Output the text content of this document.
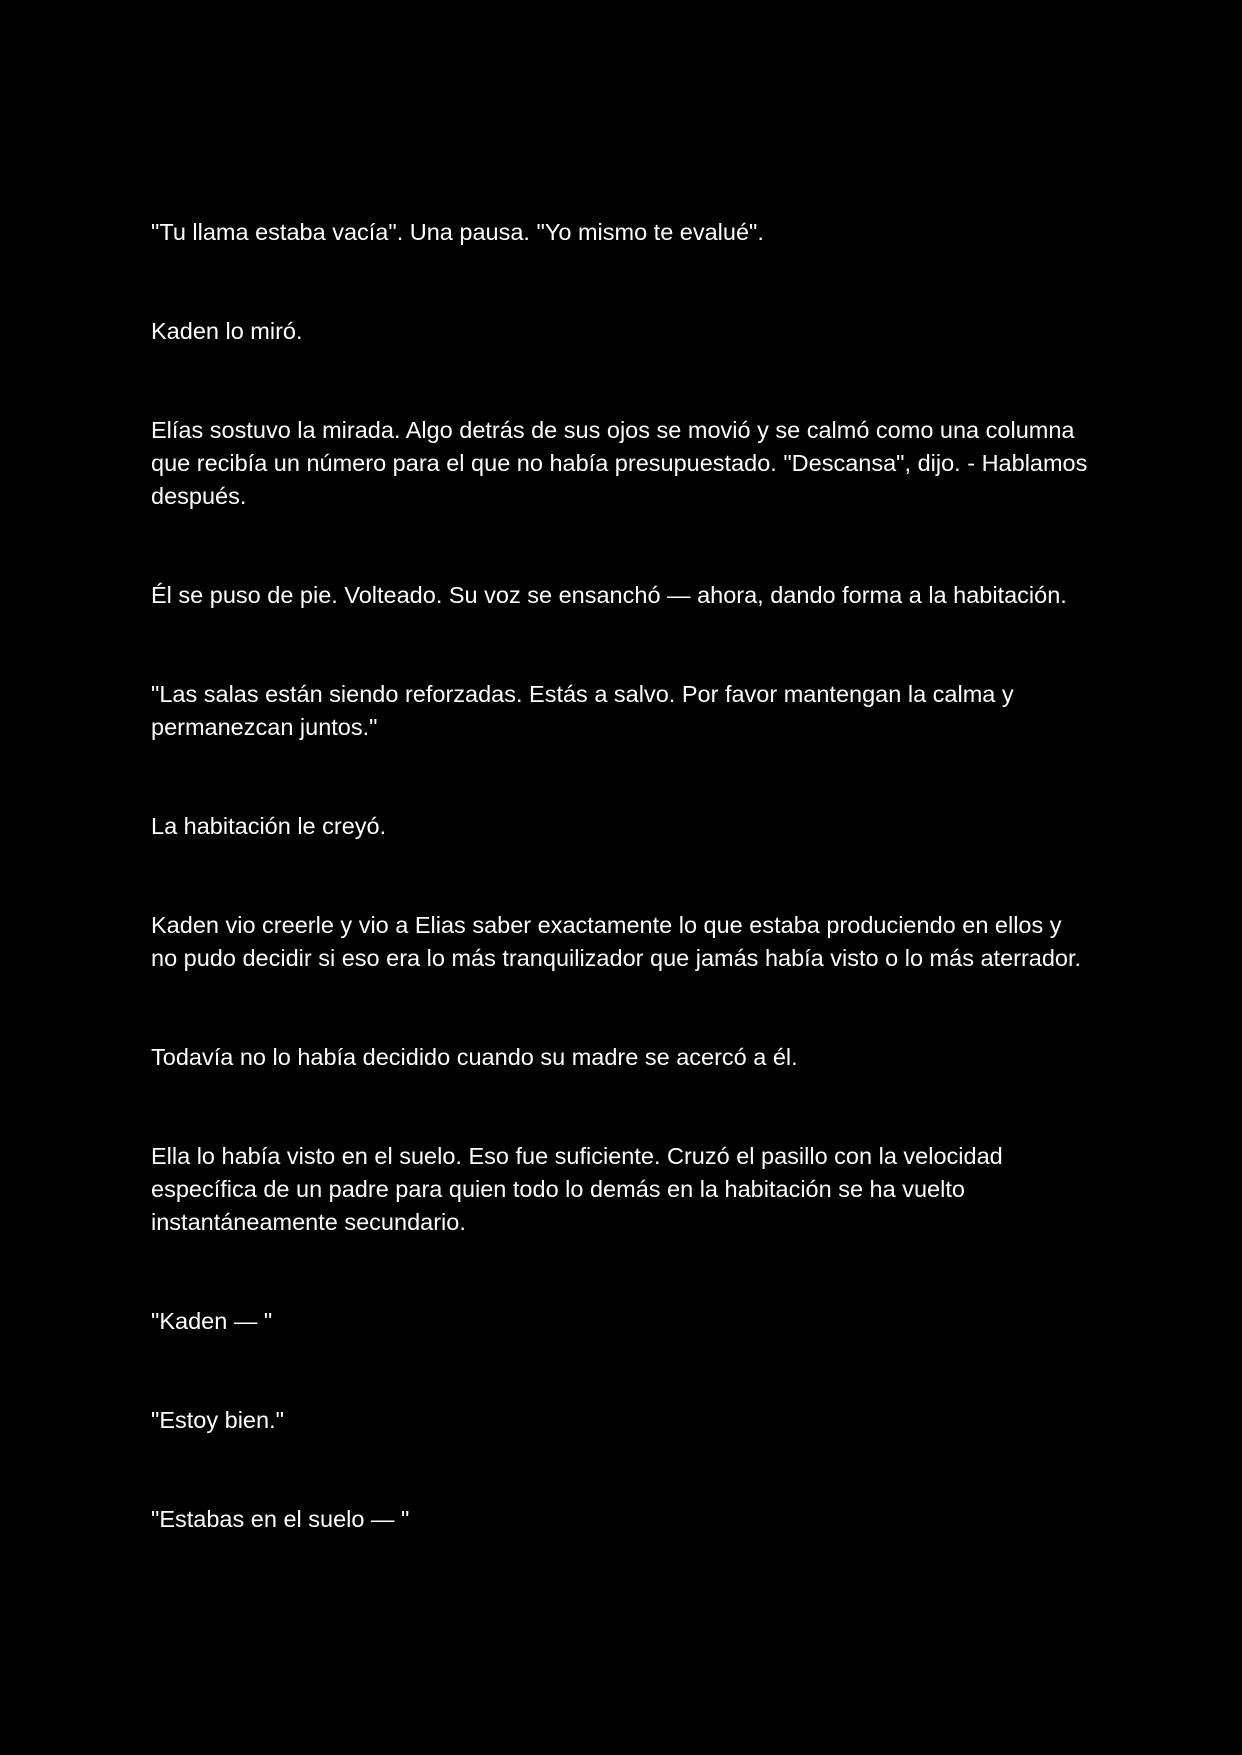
"Tu llama estaba vacía". Una pausa. "Yo mismo te evalué".

Kaden lo miró.

Elías sostuvo la mirada. Algo detrás de sus ojos se movió y se calmó como una columna que recibía un número para el que no había presupuestado. "Descansa", dijo. - Hablamos después.

Él se puso de pie. Volteado. Su voz se ensanchó — ahora, dando forma a la habitación.

"Las salas están siendo reforzadas. Estás a salvo. Por favor mantengan la calma y permanezcan juntos."

La habitación le creyó.

Kaden vio creerle y vio a Elias saber exactamente lo que estaba produciendo en ellos y no pudo decidir si eso era lo más tranquilizador que jamás había visto o lo más aterrador.

Todavía no lo había decidido cuando su madre se acercó a él.

Ella lo había visto en el suelo. Eso fue suficiente. Cruzó el pasillo con la velocidad específica de un padre para quien todo lo demás en la habitación se ha vuelto instantáneamente secundario.

"Kaden — "

"Estoy bien."

"Estabas en el suelo — "
